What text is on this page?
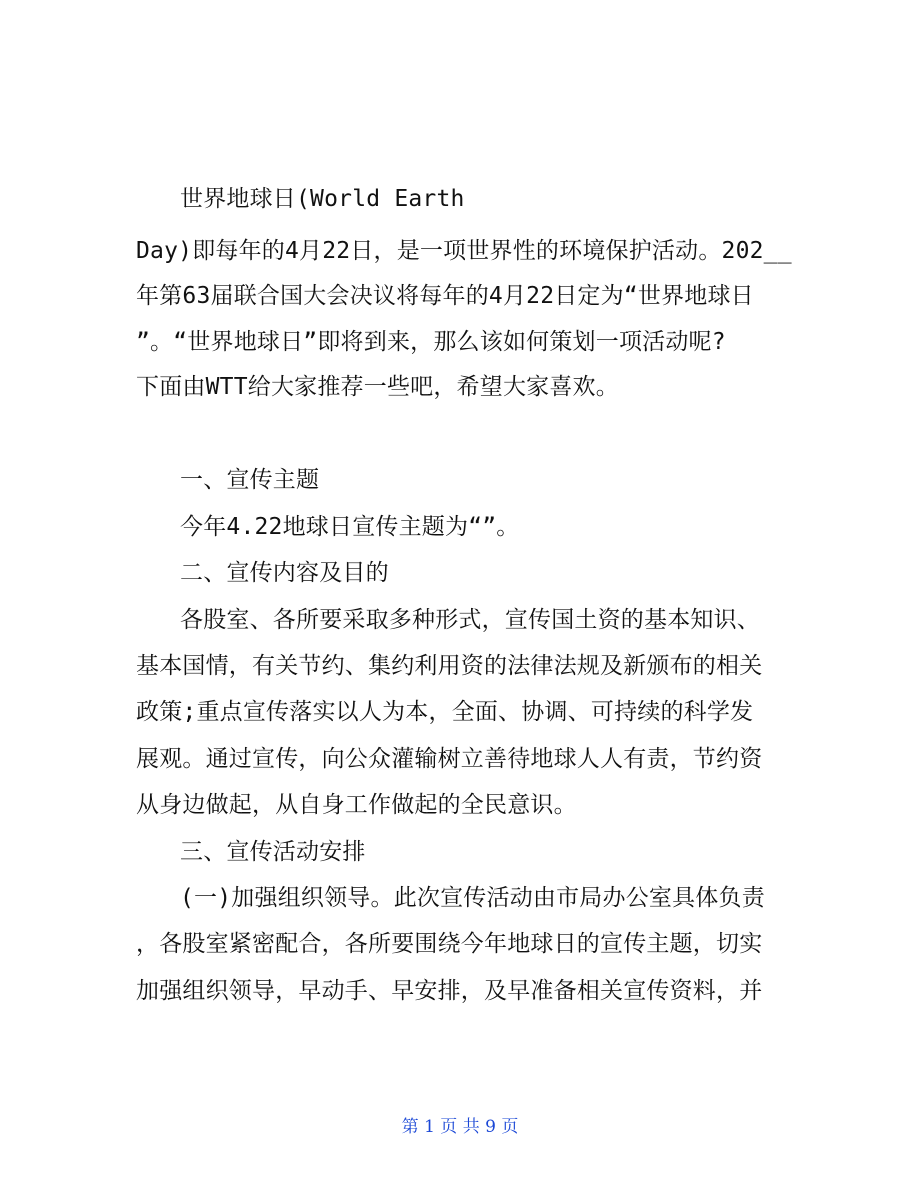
世界地球日(World Earth
Day)即每年的4月22日，是一项世界性的环境保护活动。202__
年第63届联合国大会决议将每年的4月22日定为“世界地球日
”。“世界地球日”即将到来，那么该如何策划一项活动呢?
下面由WTT给大家推荐一些吧，希望大家喜欢。
一、宣传主题
今年4.22地球日宣传主题为“”。
二、宣传内容及目的
各股室、各所要采取多种形式，宣传国土资的基本知识、
基本国情，有关节约、集约利用资的法律法规及新颁布的相关
政策;重点宣传落实以人为本，全面、协调、可持续的科学发
展观。通过宣传，向公众灌输树立善待地球人人有责，节约资
从身边做起，从自身工作做起的全民意识。
三、宣传活动安排
(一)加强组织领导。此次宣传活动由市局办公室具体负责
，各股室紧密配合，各所要围绕今年地球日的宣传主题，切实
加强组织领导，早动手、早安排，及早准备相关宣传资料，并
第 1 页 共 9 页
